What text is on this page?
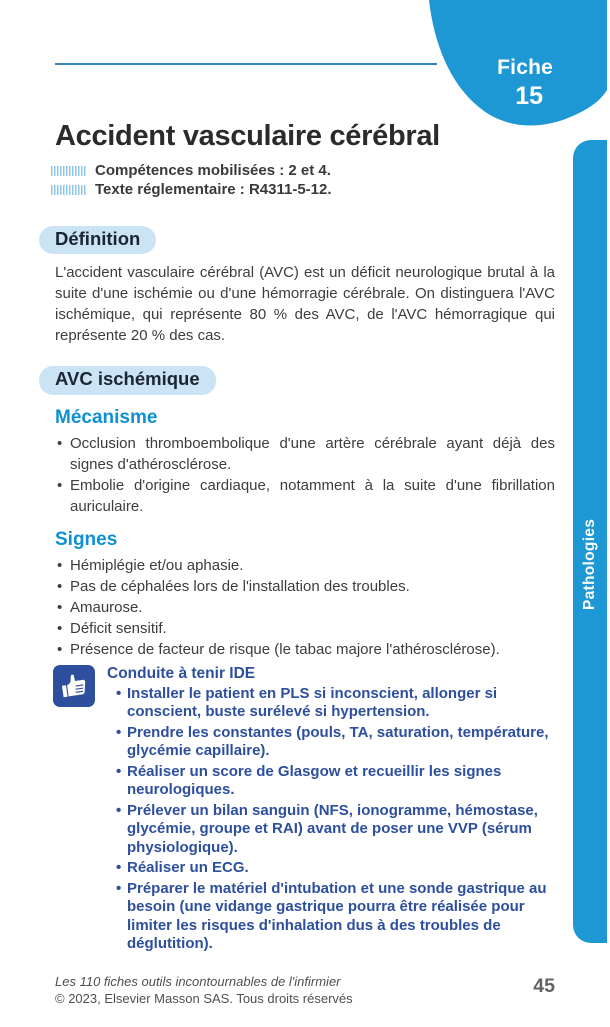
Fiche
15
Pathologies
Accident vasculaire cérébral
Compétences mobilisées : 2 et 4.
Texte réglementaire : R4311-5-12.
Définition

L'accident vasculaire cérébral (AVC) est un déficit neurologique brutal à la suite d'une ischémie ou d'une hémorragie cérébrale. On distinguera l'AVC ischémique, qui représente 80 % des AVC, de l'AVC hémorragique qui représente 20 % des cas.

AVC ischémique
Mécanisme
• Occlusion thromboembolique d'une artère cérébrale ayant déjà des signes d'athérosclérose.
• Embolie d'origine cardiaque, notamment à la suite d'une fibrillation auriculaire.
Signes
• Hémiplégie et/ou aphasie.
• Pas de céphalées lors de l'installation des troubles.
• Amaurose.
• Déficit sensitif.
• Présence de facteur de risque (le tabac majore l'athérosclérose).
Conduite à tenir IDE
• Installer le patient en PLS si inconscient, allonger si conscient, buste surélevé si hypertension.
• Prendre les constantes (pouls, TA, saturation, température, glycémie capillaire).
• Réaliser un score de Glasgow et recueillir les signes neurologiques.
• Prélever un bilan sanguin (NFS, ionogramme, hémostase, glycémie, groupe et RAI) avant de poser une VVP (sérum physiologique).
• Réaliser un ECG.
• Préparer le matériel d'intubation et une sonde gastrique au besoin (une vidange gastrique pourra être réalisée pour limiter les risques d'inhalation dus à des troubles de déglutition).
Les 110 fiches outils incontournables de l'infirmier
© 2023, Elsevier Masson SAS. Tous droits réservés
45
